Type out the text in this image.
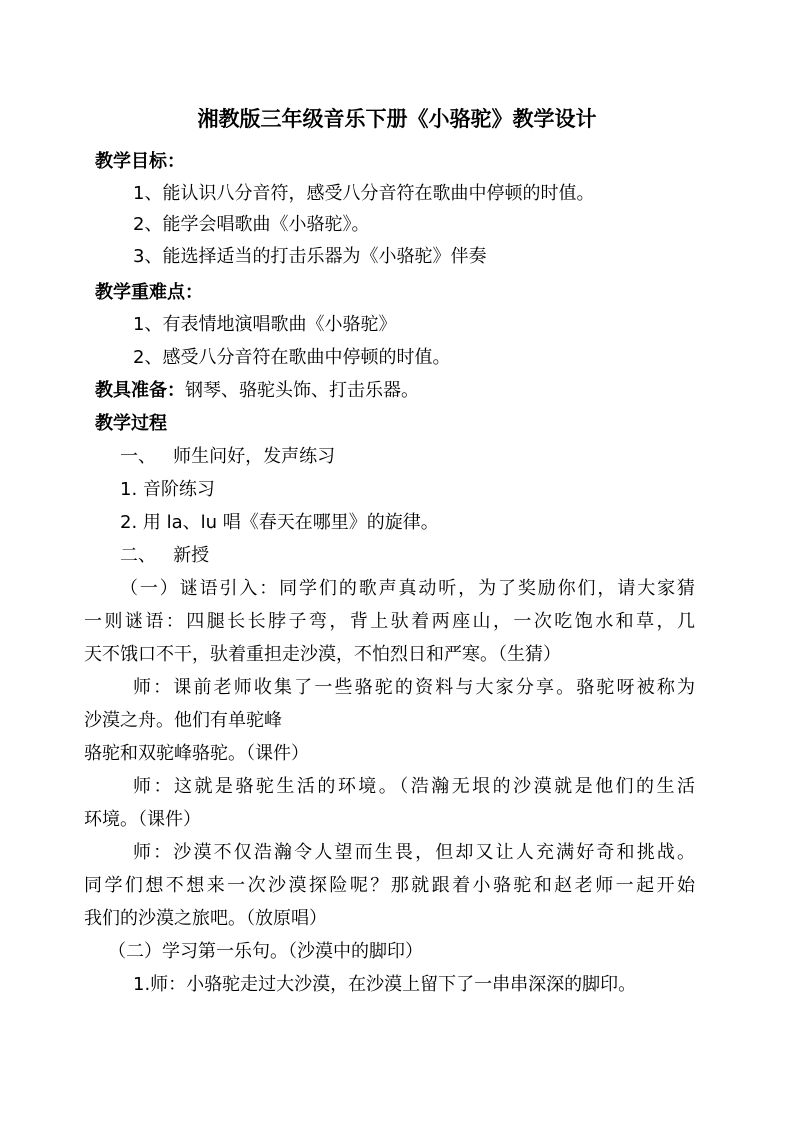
湘教版三年级音乐下册《小骆驼》教学设计
教学目标：
1、能认识八分音符，感受八分音符在歌曲中停顿的时值。
2、能学会唱歌曲《小骆驼》。
3、能选择适当的打击乐器为《小骆驼》伴奏
教学重难点：
1、有表情地演唱歌曲《小骆驼》
2、感受八分音符在歌曲中停顿的时值。
教具准备：钢琴、骆驼头饰、打击乐器。
教学过程
一、   师生问好，发声练习
1. 音阶练习
2. 用 la、lu 唱《春天在哪里》的旋律。
二、   新授
（一）谜语引入：同学们的歌声真动听，为了奖励你们，请大家猜
一则谜语：四腿长长脖子弯，背上驮着两座山，一次吃饱水和草，几
天不饿口不干，驮着重担走沙漠，不怕烈日和严寒。（生猜）
师：课前老师收集了一些骆驼的资料与大家分享。骆驼呀被称为
沙漠之舟。他们有单驼峰
骆驼和双驼峰骆驼。（课件）
师：这就是骆驼生活的环境。（浩瀚无垠的沙漠就是他们的生活
环境。（课件）
师：沙漠不仅浩瀚令人望而生畏，但却又让人充满好奇和挑战。
同学们想不想来一次沙漠探险呢？那就跟着小骆驼和赵老师一起开始
我们的沙漠之旅吧。（放原唱）
（二）学习第一乐句。（沙漠中的脚印）
1.师：小骆驼走过大沙漠，在沙漠上留下了一串串深深的脚印。
